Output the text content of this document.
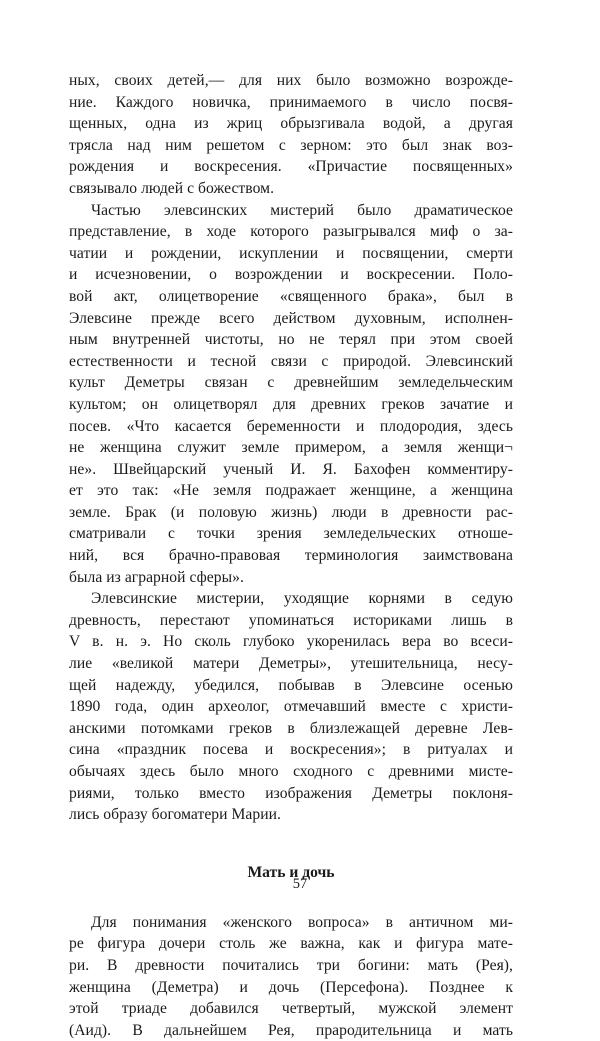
ных, своих детей,— для них было возможно возрожде-
ние. Каждого новичка, принимаемого в число посвя-
щенных, одна из жриц обрызгивала водой, а другая
трясла над ним решетом с зерном: это был знак воз-
рождения и воскресения. «Причастие посвященных»
связывало людей с божеством.
Частью элевсинских мистерий было драматическое
представление, в ходе которого разыгрывался миф о за-
чатии и рождении, искуплении и посвящении, смерти
и исчезновении, о возрождении и воскресении. Поло-
вой акт, олицетворение «священного брака», был в
Элевсине прежде всего действом духовным, исполнен-
ным внутренней чистоты, но не терял при этом своей
естественности и тесной связи с природой. Элевсинский
культ Деметры связан с древнейшим земледельческим
культом; он олицетворял для древних греков зачатие и
посев. «Что касается беременности и плодородия, здесь
не женщина служит земле примером, а земля женщи¬
не». Швейцарский ученый И. Я. Бахофен комментиру-
ет это так: «Не земля подражает женщине, а женщина
земле. Брак (и половую жизнь) люди в древности рас-
сматривали с точки зрения земледельческих отноше-
ний, вся брачно-правовая терминология заимствована
была из аграрной сферы».
Элевсинские мистерии, уходящие корнями в седую
древность, перестают упоминаться историками лишь в
V в. н. э. Но сколь глубоко укоренилась вера во всеси-
лие «великой матери Деметры», утешительница, несу-
щей надежду, убедился, побывав в Элевсине осенью
1890 года, один археолог, отмечавший вместе с христи-
анскими потомками греков в близлежащей деревне Лев-
сина «праздник посева и воскресения»; в ритуалах и
обычаях здесь было много сходного с древними мисте-
риями, только вместо изображения Деметры поклоня-
лись образу богоматери Марии.
Мать и дочь
Для понимания «женского вопроса» в античном ми-
ре фигура дочери столь же важна, как и фигура мате-
ри. В древности почитались три богини: мать (Рея),
женщина (Деметра) и дочь (Персефона). Позднее к
этой триаде добавился четвертый, мужской элемент
(Аид). В дальнейшем Рея, прародительница и мать
57
